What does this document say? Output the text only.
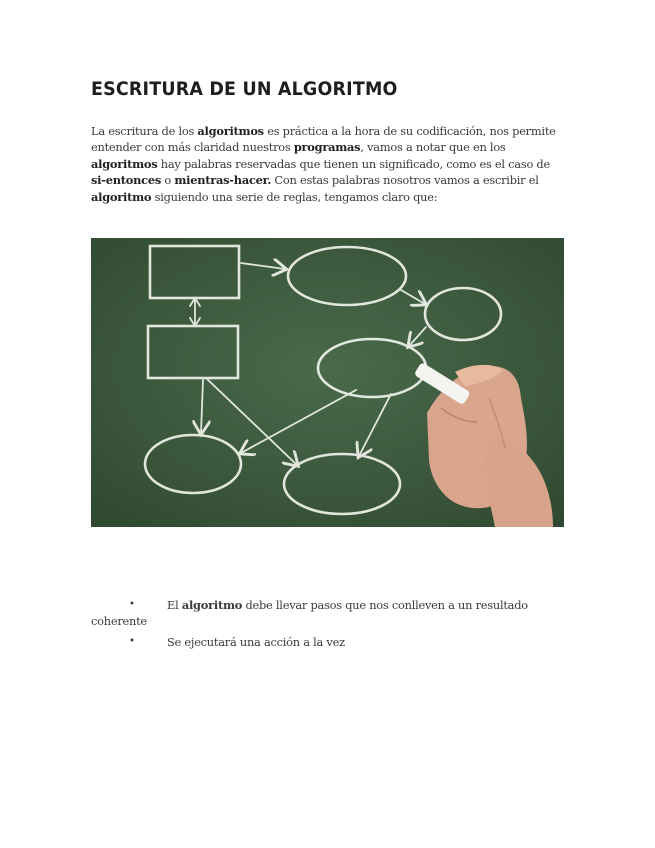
ESCRITURA DE UN ALGORITMO

La escritura de los algoritmos es práctica a la hora de su codificación, nos permite entender con más claridad nuestros programas, vamos a notar que en los algoritmos hay palabras reservadas que tienen un significado, como es el caso de si-entonces o mientras-hacer. Con estas palabras nosotros vamos a escribir el algoritmo siguiendo una serie de reglas, tengamos claro que:

•	El algoritmo debe llevar pasos que nos conlleven a un resultado coherente
•	Se ejecutará una acción a la vez
